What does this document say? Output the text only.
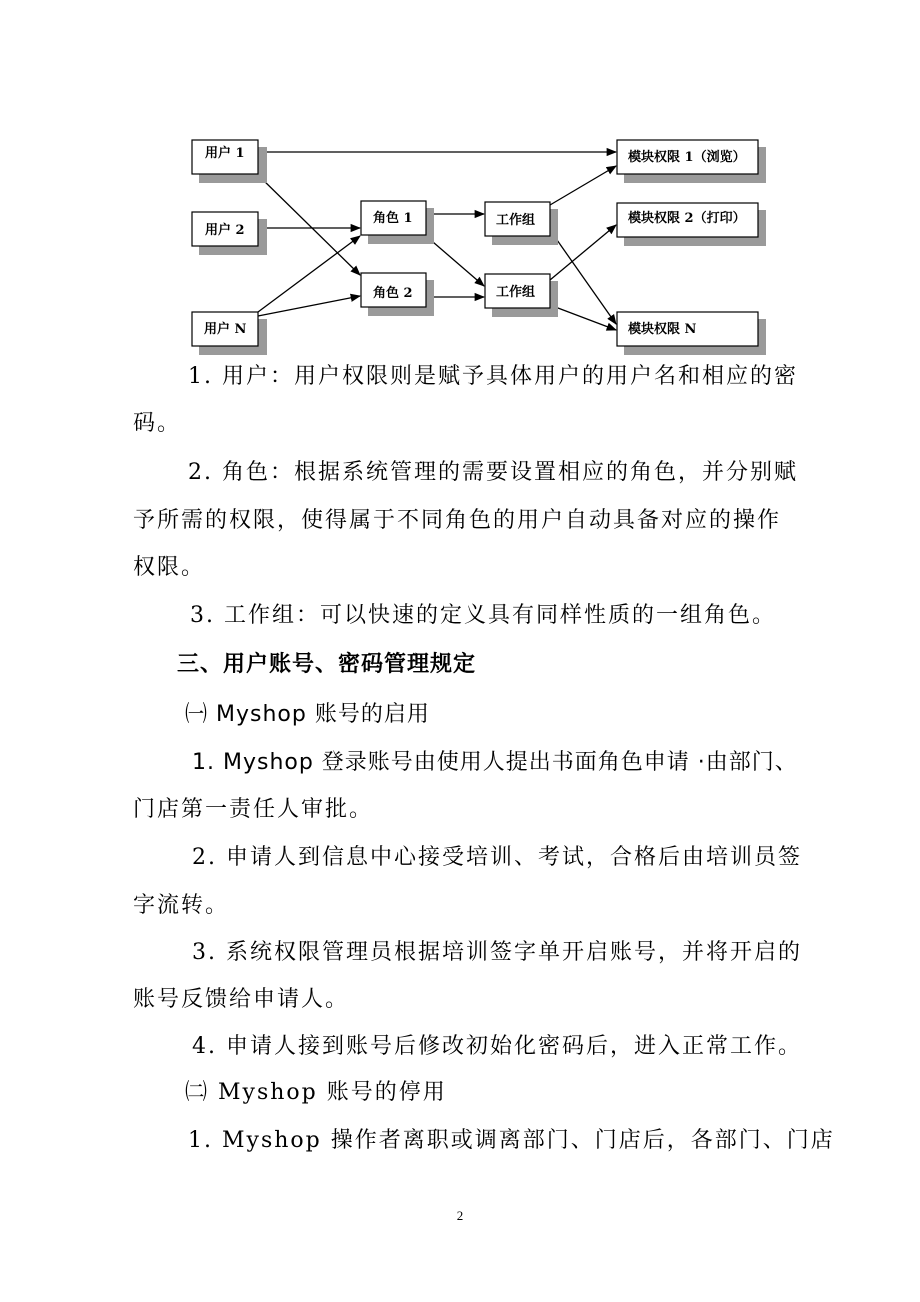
用户 1
用户 2
用户 N
角色 1
角色 2
工作组
工作组
模块权限 1（浏览）
模块权限 2（打印）
模块权限 N

1. 用户：用户权限则是赋予具体用户的用户名和相应的密

码。

2. 角色：根据系统管理的需要设置相应的角色，并分别赋

予所需的权限，使得属于不同角色的用户自动具备对应的操作

权限。

3. 工作组：可以快速的定义具有同样性质的一组角色。

三、用户账号、密码管理规定

㈠ Myshop 账号的启用

1. Myshop 登录账号由使用人提出书面角色申请 ·由部门、

门店第一责任人审批。

2. 申请人到信息中心接受培训、考试，合格后由培训员签

字流转。

3. 系统权限管理员根据培训签字单开启账号，并将开启的

账号反馈给申请人。

4. 申请人接到账号后修改初始化密码后，进入正常工作。

㈡ Myshop 账号的停用

1. Myshop 操作者离职或调离部门、门店后，各部门、门店

2
